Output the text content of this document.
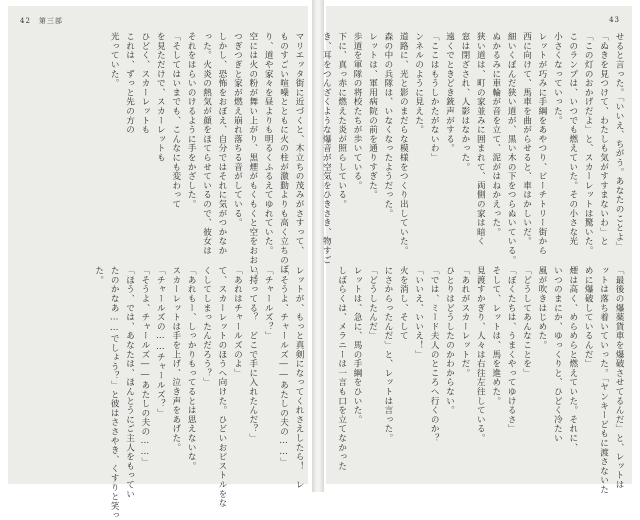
42　第三部
マリエッタ街に近づくと、木立ちの茂みがさすって、
ものすごい喧噪とともに火の柱が激動よりも高く立ちのぼ
り、道や家々を昼よりも明るくふるえてゆれていた。
空には火の粉が舞い上がり、黒煙がもくもくと空をおおい、
つぎつぎと家が燃え崩れ落ちる音がしている。
しかし、恐怖をおぼえ、自分ではそれに気がつかなか
った。火炎の熱気が顔をほてらせているので、彼女は
それをはらいのけるように手をかざした。
「そしてはいまでも、こんなにも変わって
を見ただけで、スカーレットも
ひどく、スカーレットも
これは、ずっと先の方の
光っていた。
レットが、もっと真剣になってくれさえしたら！　レ
「そうよ、チャールズ――あたしの夫の……」
「チャールズ？」
「持ってる？　どこで手に入れたんだ？」
「あれはチャールズのよ」
て、スカーレットのほうへ向けた。ひどいおピストルをな
くしてしまったんだろう？」
「あれもー、しっかりもってるとは思えないな。
スカーレットは手を上げ、泣き声をあげた。
「チャールズの……チャールズ？」
「そうよ、チャールズ――あたしの夫の……」
「ほう、では、あなたは、ほんとうにご主人をもってい
たのかなあ……でしょう？」と彼はささやき、くすりと笑っ
た。
43
せると言った。「いいえ、ちがう。あなたのことよ」
「ぬきを見つけて、わたしも気がすすまないわ」と
「この灯のおかげだよ」と、スカーレットは驚いた。
このランプは、いつでも燃えていた。その小さな光
小さくなっていった。
レットが巧みに手綱をあやつり、ピーチトリー街から
西に向けて、馬車を曲がらせると、車はかしいだ。
細いくぼんだ狭い道が、黒い木の下をつらぬいている。
ぬかるみに車輪が音を立て、泥がはねかえった。
狭い道は、町の家並みに囲まれて、両側の家は暗く
窓は閉ざされ、人影はなかった。
遠くでときどき銃声がする。
「ここはもうしかたがないわ」
ンネルのように見えた。
道路に、光と影のまだらな模様をつくり出していた。
森の中の兵隊は、いなくなったようだった。
レットは、軍用病院の前を通りすぎた。
歩道を軍隊の将校たちが歩いている。
下に、真っ赤に燃えた炎が照らしている。
き、耳をつんざくような爆音が空気をひきさき、物すご
「最後の爆薬貨車を爆破させてるんだ」と、レットは
ットは落ち着いていった。「ヤンキーどもに渡さないた
めに爆破しているんだ」
煙は高く、めらめらと燃えていた。それに、
いつのまにか、ゆっくりと、ひどく冷たい
風が吹きはじめた。
「どうしてあんなことを」
「ぼくたちは、うまくやってゆけるさ」
そして、レットは、馬を進めた。
見渡すかぎり、人々は右往左往している。
「あれがスカーレットだ。
ひとりはどうしたのかわからない。
「では、ミード夫人のところへ行くのか？
「いいえ、いいえ！」
火を消し、そして
にさからったんだ」と、レットは言った。
「どうしたんだ」
レットは、急に、馬の手綱をひいた。
しばらくは、メラニーは一言も口を立てなかった
